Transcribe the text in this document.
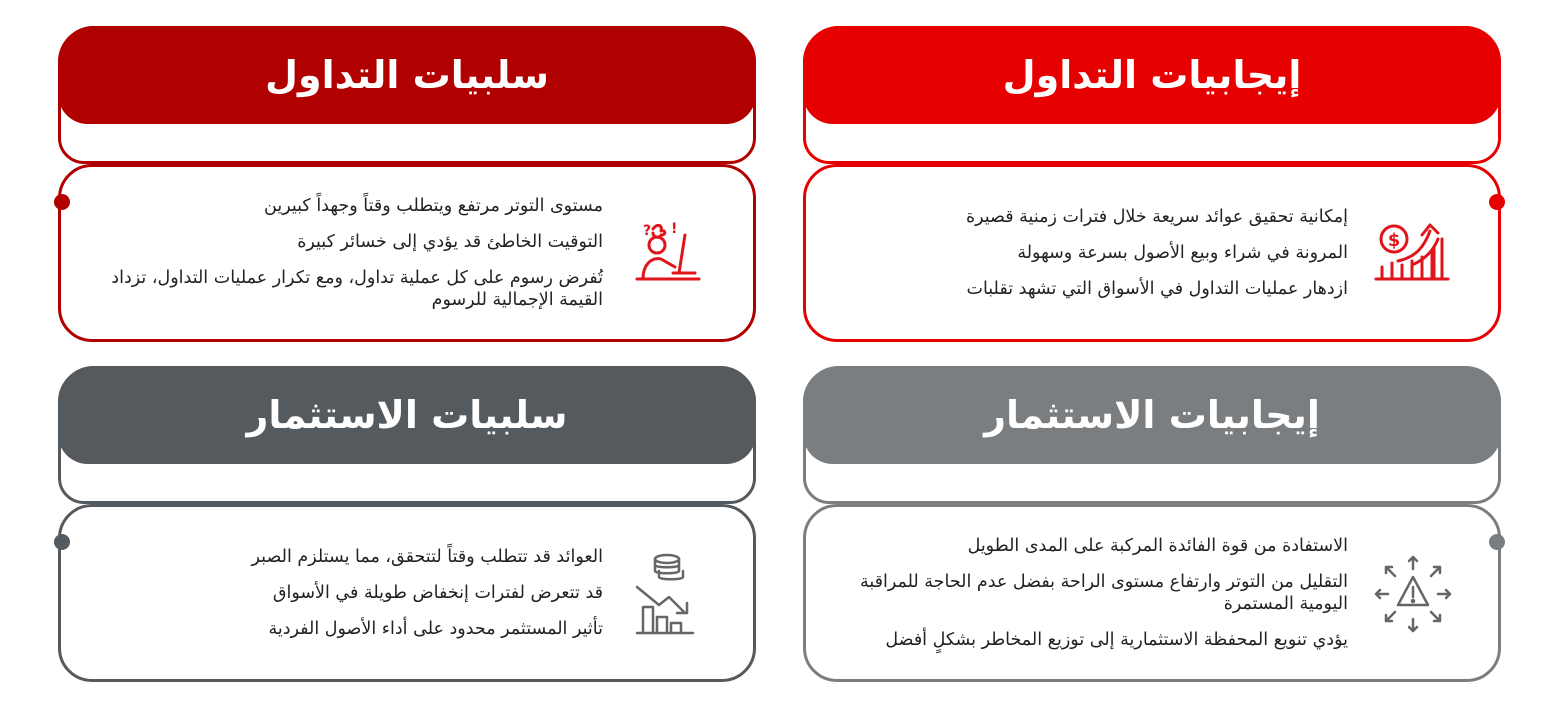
إيجابيات التداول
$
إمكانية تحقيق عوائد سريعة خلال فترات زمنية قصيرة
المرونة في شراء وبيع الأصول بسرعة وسهولة
ازدهار عمليات التداول في الأسواق التي تشهد تقلبات
سلبيات التداول
? !
مستوى التوتر مرتفع ويتطلب وقتاً وجهداً كبيرين
التوقيت الخاطئ قد يؤدي إلى خسائر كبيرة
تُفرض رسوم على كل عملية تداول، ومع تكرار عمليات التداول، تزداد القيمة الإجمالية للرسوم
إيجابيات الاستثمار
الاستفادة من قوة الفائدة المركبة على المدى الطويل
التقليل من التوتر وارتفاع مستوى الراحة بفضل عدم الحاجة للمراقبة اليومية المستمرة
يؤدي تنويع المحفظة الاستثمارية إلى توزيع المخاطر بشكلٍ أفضل
سلبيات الاستثمار
العوائد قد تتطلب وقتاً لتتحقق، مما يستلزم الصبر
قد تتعرض لفترات إنخفاض طويلة في الأسواق
تأثير المستثمر محدود على أداء الأصول الفردية
